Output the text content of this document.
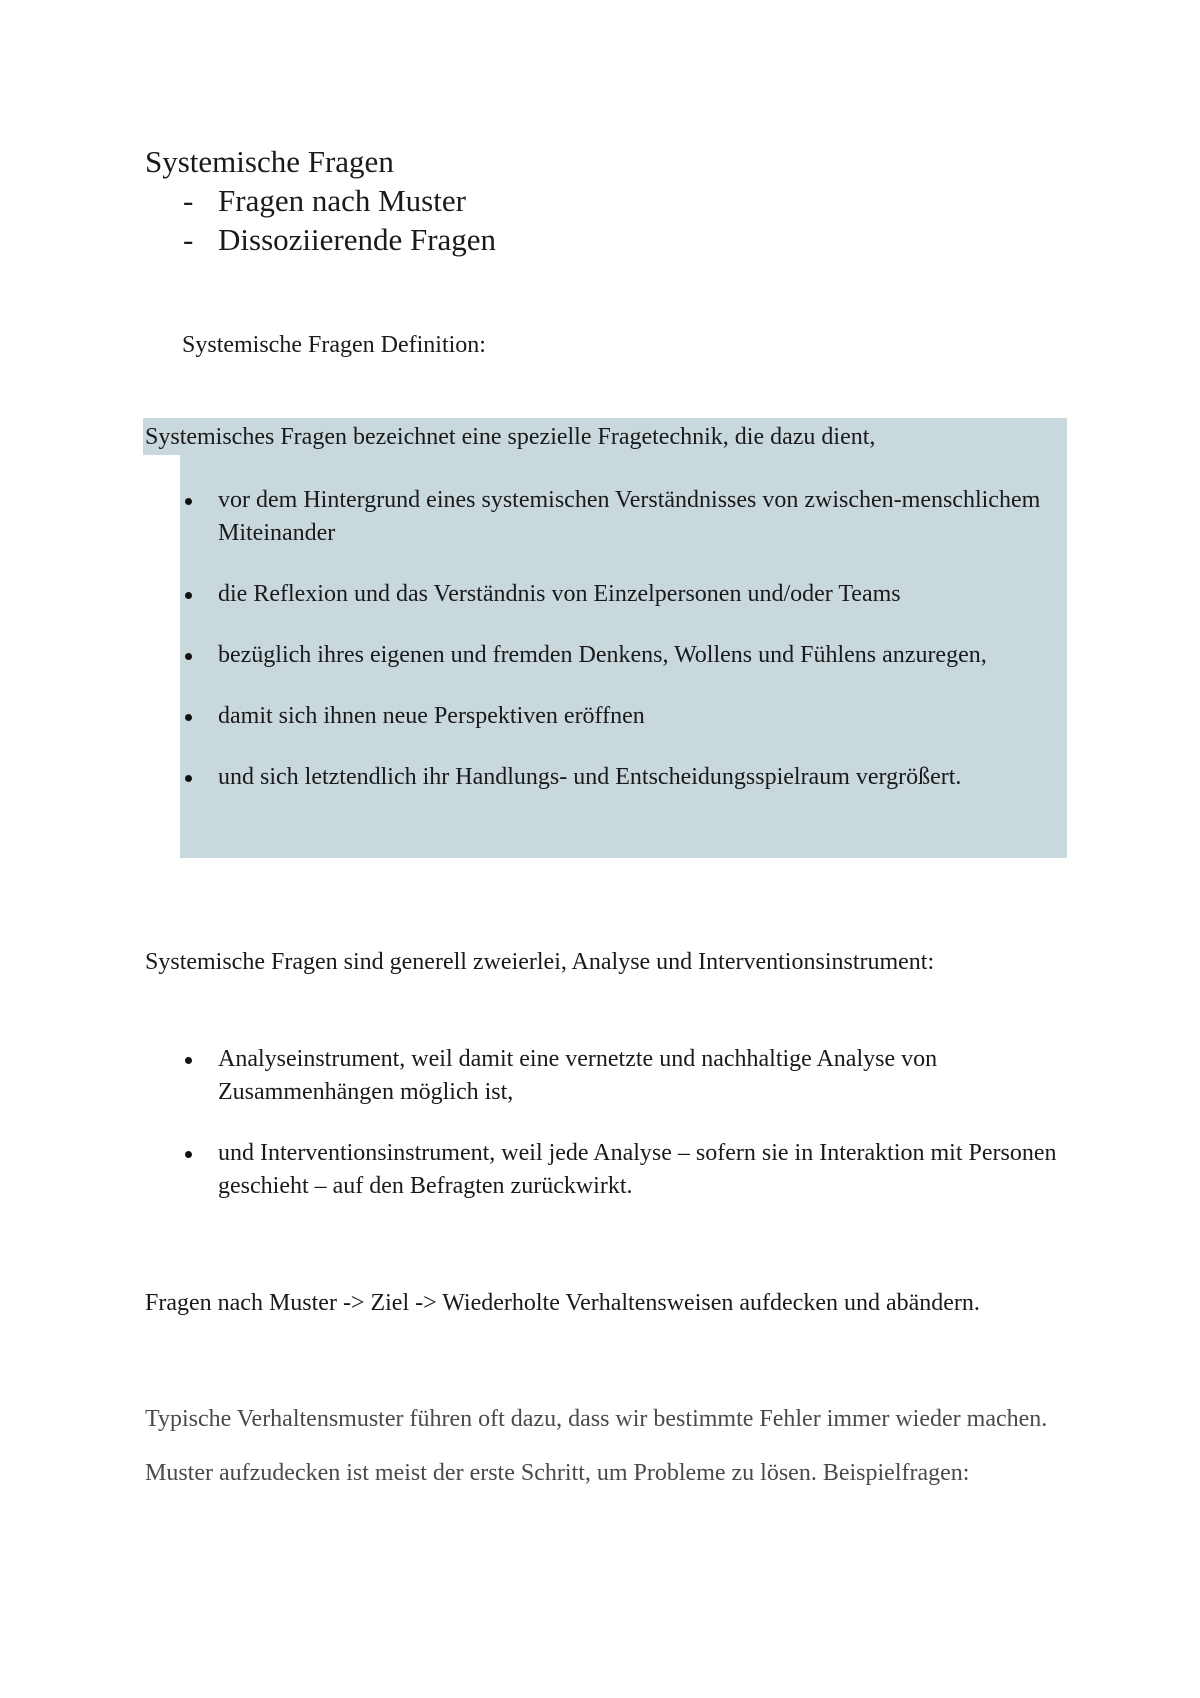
Systemische Fragen
- Fragen nach Muster
- Dissoziierende Fragen

Systemische Fragen Definition:

Systemisches Fragen bezeichnet eine spezielle Fragetechnik, die dazu dient,

vor dem Hintergrund eines systemischen Verständnisses von zwischen-menschlichem Miteinander
die Reflexion und das Verständnis von Einzelpersonen und/oder Teams
bezüglich ihres eigenen und fremden Denkens, Wollens und Fühlens anzuregen,
damit sich ihnen neue Perspektiven eröffnen
und sich letztendlich ihr Handlungs- und Entscheidungsspielraum vergrößert.

Systemische Fragen sind generell zweierlei, Analyse und Interventionsinstrument:

Analyseinstrument, weil damit eine vernetzte und nachhaltige Analyse von Zusammenhängen möglich ist,
und Interventionsinstrument, weil jede Analyse – sofern sie in Interaktion mit Personen geschieht – auf den Befragten zurückwirkt.

Fragen nach Muster -> Ziel -> Wiederholte Verhaltensweisen aufdecken und abändern.

Typische Verhaltensmuster führen oft dazu, dass wir bestimmte Fehler immer wieder machen. Muster aufzudecken ist meist der erste Schritt, um Probleme zu lösen. Beispielfragen:
